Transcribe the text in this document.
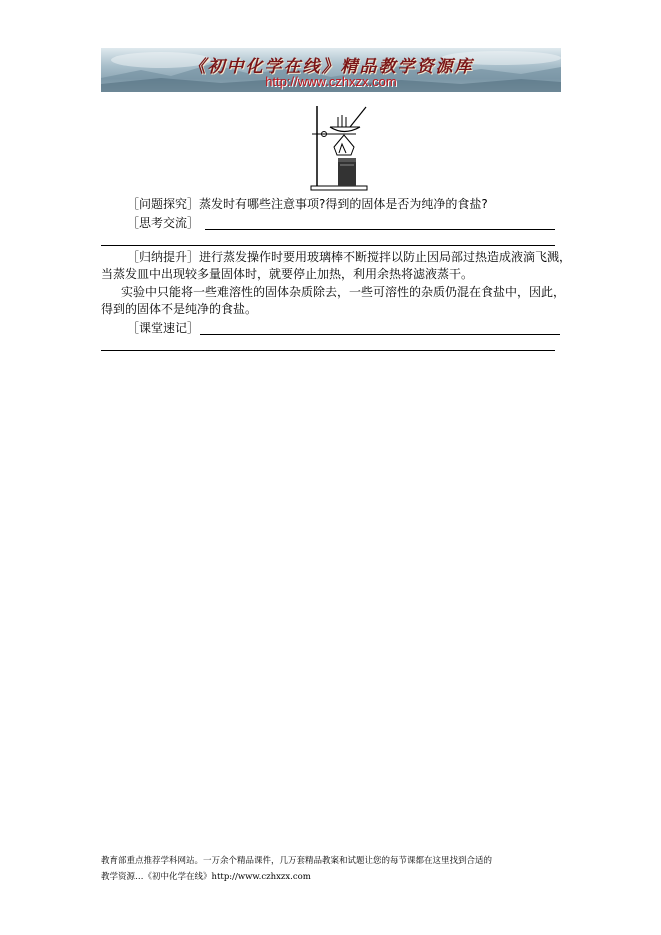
《初中化学在线》精品教学资源库
http://www.czhxzx.com
［问题探究］蒸发时有哪些注意事项?得到的固体是否为纯净的食盐?
［思考交流］
［归纳提升］进行蒸发操作时要用玻璃棒不断搅拌以防止因局部过热造成液滴飞溅，
当蒸发皿中出现较多量固体时，就要停止加热，利用余热将滤液蒸干。
实验中只能将一些难溶性的固体杂质除去，一些可溶性的杂质仍混在食盐中，因此，
得到的固体不是纯净的食盐。
［课堂速记］
教育部重点推荐学科网站。一万余个精品课件，几万套精品教案和试题让您的每节课都在这里找到合适的
教学资源…《初中化学在线》http://www.czhxzx.com
